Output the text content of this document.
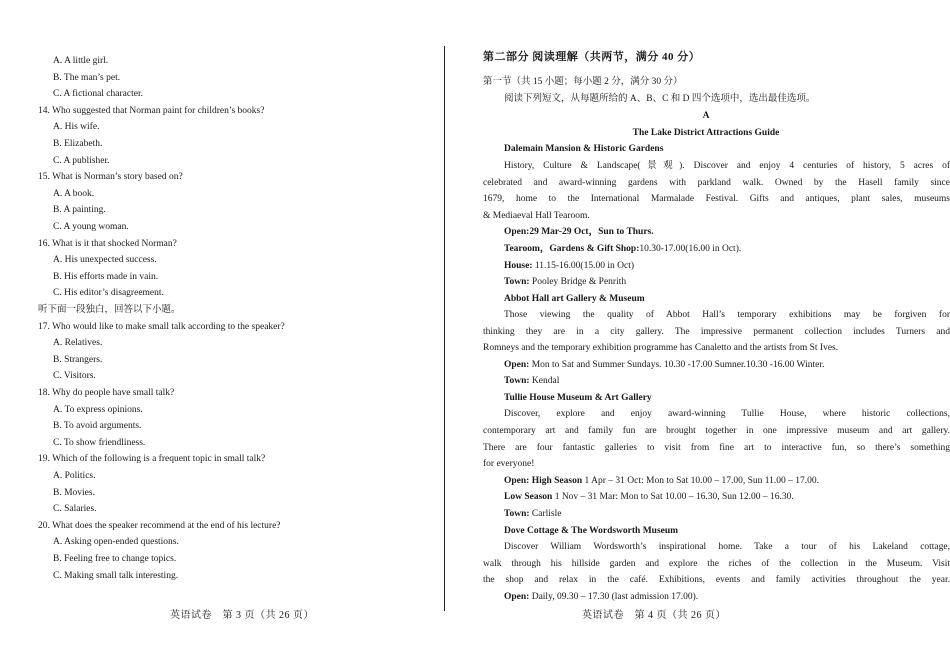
A. A little girl.
B. The man’s pet.
C. A fictional character.
14. Who suggested that Norman paint for children’s books?
A. His wife.
B. Elizabeth.
C. A publisher.
15. What is Norman’s story based on?
A. A book.
B. A painting.
C. A young woman.
16. What is it that shocked Norman?
A. His unexpected success.
B. His efforts made in vain.
C. His editor’s disagreement.
听下面一段独白，回答以下小题。
17. Who would like to make small talk according to the speaker?
A. Relatives.
B. Strangers.
C. Visitors.
18. Why do people have small talk?
A. To express opinions.
B. To avoid arguments.
C. To show friendliness.
19. Which of the following is a frequent topic in small talk?
A. Politics.
B. Movies.
C. Salaries.
20. What does the speaker recommend at the end of his lecture?
A. Asking open-ended questions.
B. Feeling free to change topics.
C. Making small talk interesting.
英语试卷　第 3 页（共 26 页）
第二部分 阅读理解（共两节，满分 40 分）
第一节（共 15 小题；每小题 2 分，满分 30 分）
阅读下列短文，从每题所给的 A、B、C 和 D 四个选项中，选出最佳选项。
A
The Lake District Attractions Guide
Dalemain Mansion & Historic Gardens
History, Culture & Landscape(景观). Discover and enjoy 4 centuries of history, 5 acres of
celebrated and award-winning gardens with parkland walk. Owned by the Hasell family since
1679, home to the International Marmalade Festival. Gifts and antiques, plant sales, museums
& Mediaeval Hall Tearoom.
Open:29 Mar-29 Oct，Sun to Thurs.
Tearoom，Gardens & Gift Shop:10.30-17.00(16.00 in Oct).
House: 11.15-16.00(15.00 in Oct)
Town: Pooley Bridge & Penrith
Abbot Hall art Gallery & Museum
Those viewing the quality of Abbot Hall’s temporary exhibitions may be forgiven for
thinking they are in a city gallery. The impressive permanent collection includes Turners and
Romneys and the temporary exhibition programme has Canaletto and the artists from St Ives.
Open: Mon to Sat and Summer Sundays. 10.30 -17.00 Sumner.10.30 -16.00 Winter.
Town: Kendal
Tullie House Museum & Art Gallery
Discover, explore and enjoy award-winning Tullie House, where historic collections,
contemporary art and family fun are brought together in one impressive museum and art gallery.
There are four fantastic galleries to visit from fine art to interactive fun, so there’s something
for everyone!
Open: High Season 1 Apr – 31 Oct: Mon to Sat 10.00 – 17.00, Sun 11.00 – 17.00.
Low Season 1 Nov – 31 Mar: Mon to Sat 10.00 – 16.30, Sun 12.00 – 16.30.
Town: Carlisle
Dove Cottage & The Wordsworth Museum
Discover William Wordsworth’s inspirational home. Take a tour of his Lakeland cottage,
walk through his hillside garden and explore the riches of the collection in the Museum. Visit
the shop and relax in the café. Exhibitions, events and family activities throughout the year.
Open: Daily, 09.30 – 17.30 (last admission 17.00).
英语试卷　第 4 页（共 26 页）
